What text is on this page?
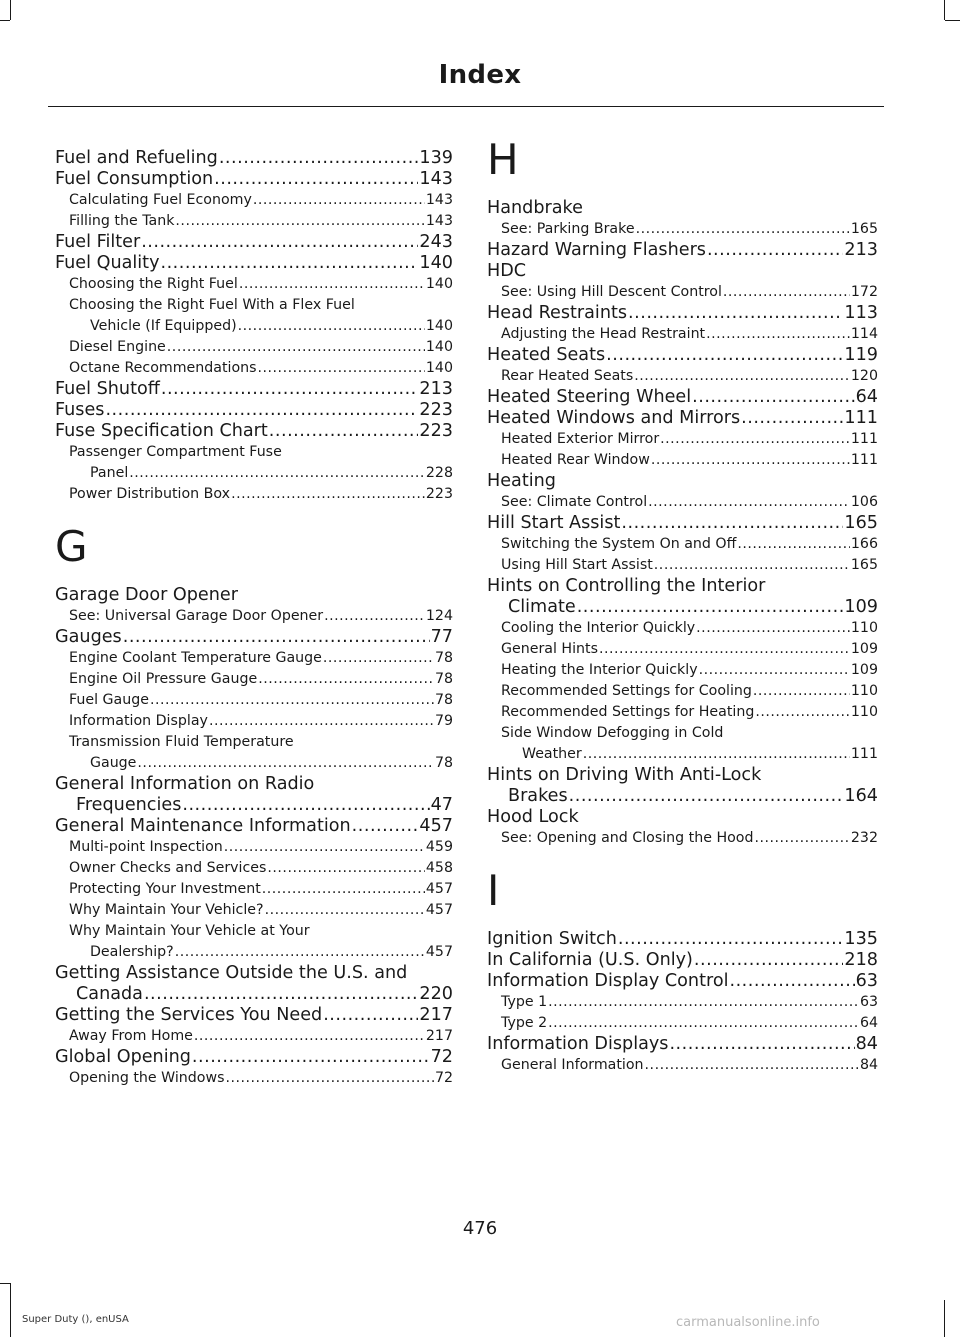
Index
Fuel and Refueling .....	139
Fuel Consumption .....	143
Calculating Fuel Economy .....	143
Filling the Tank .....	143
Fuel Filter .....	243
Fuel Quality .....	140
Choosing the Right Fuel .....	140
Choosing the Right Fuel With a Flex Fuel
Vehicle (If Equipped) .....	140
Diesel Engine .....	140
Octane Recommendations .....	140
Fuel Shutoff .....	213
Fuses .....	223
Fuse Specification Chart .....	223
Passenger Compartment Fuse
Panel .....	228
Power Distribution Box .....	223
G
Garage Door Opener
See: Universal Garage Door Opener .....	124
Gauges .....	77
Engine Coolant Temperature Gauge .....	78
Engine Oil Pressure Gauge .....	78
Fuel Gauge .....	78
Information Display .....	79
Transmission Fluid Temperature
Gauge .....	78
General Information on Radio
Frequencies .....	47
General Maintenance Information .....	457
Multi-point Inspection .....	459
Owner Checks and Services .....	458
Protecting Your Investment .....	457
Why Maintain Your Vehicle? .....	457
Why Maintain Your Vehicle at Your
Dealership? .....	457
Getting Assistance Outside the U.S. and
Canada .....	220
Getting the Services You Need .....	217
Away From Home .....	217
Global Opening .....	72
Opening the Windows .....	72
H
Handbrake
See: Parking Brake .....	165
Hazard Warning Flashers .....	213
HDC
See: Using Hill Descent Control .....	172
Head Restraints .....	113
Adjusting the Head Restraint .....	114
Heated Seats .....	119
Rear Heated Seats .....	120
Heated Steering Wheel .....	64
Heated Windows and Mirrors .....	111
Heated Exterior Mirror .....	111
Heated Rear Window .....	111
Heating
See: Climate Control .....	106
Hill Start Assist .....	165
Switching the System On and Off .....	166
Using Hill Start Assist .....	165
Hints on Controlling the Interior
Climate .....	109
Cooling the Interior Quickly .....	110
General Hints .....	109
Heating the Interior Quickly .....	109
Recommended Settings for Cooling .....	110
Recommended Settings for Heating .....	110
Side Window Defogging in Cold
Weather .....	111
Hints on Driving With Anti-Lock
Brakes .....	164
Hood Lock
See: Opening and Closing the Hood .....	232
I
Ignition Switch .....	135
In California (U.S. Only) .....	218
Information Display Control .....	63
Type 1 .....	63
Type 2 .....	64
Information Displays .....	84
General Information .....	84
476
Super Duty (), enUSA	carmanualsonline.info
